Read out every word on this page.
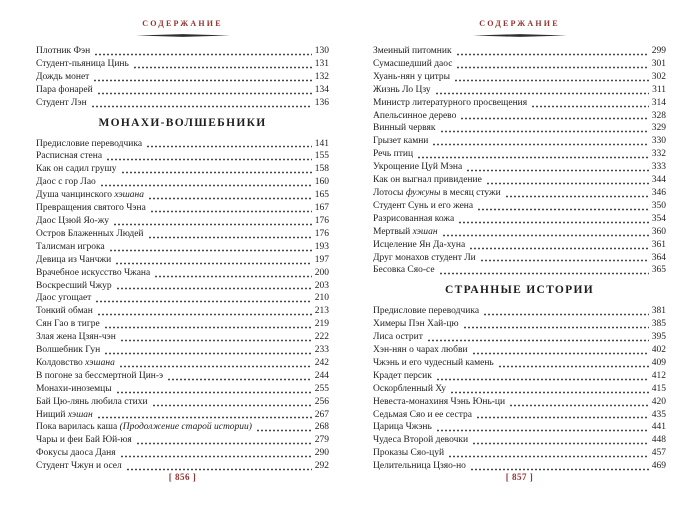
СОДЕРЖАНИЕ
Плотник Фэн	130
Студент-пьяница Цинь	131
Дождь монет	132
Пара фонарей	134
Студент Лэн	136
МОНАХИ-ВОЛШЕБНИКИ
Предисловие переводчика	141
Расписная стена	155
Как он садил грушу	158
Даос с гор Лао	160
Душа чанцинского хэшана	165
Превращения святого Чэна	167
Даос Цзюй Яо-жу	176
Остров Блаженных Людей	176
Талисман игрока	193
Девица из Чанчжи	197
Врачебное искусство Чжана	200
Воскресший Чжур	203
Даос угощает	210
Тонкий обман	213
Сян Гао в тигре	219
Злая жена Цзян-чэн	222
Волшебник Гун	233
Колдовство хэшана	242
В погоне за бессмертной Цин-э	244
Монахи-иноземцы	255
Бай Цю-лянь любила стихи	256
Нищий хэшан	267
Пока варилась каша (Продолжение старой истории)	268
Чары и феи Бай Юй-юя	279
Фокусы даоса Даня	290
Студент Чжун и осел	292
[ 856 ]
СОДЕРЖАНИЕ
Змеиный питомник	299
Сумасшедший даос	301
Хуань-нян у цитры	302
Жизнь Ло Цзу	311
Министр литературного просвещения	314
Апельсинное дерево	328
Винный червяк	329
Грызет камни	330
Речь птиц	332
Укрощение Цуй Мэна	333
Как он выгнал привидение	344
Лотосы фужуны в месяц стужи	346
Студент Сунь и его жена	350
Разрисованная кожа	354
Мертвый хэшан	360
Исцеление Ян Да-хуна	361
Друг монахов студент Ли	364
Бесовка Сяо-се	365
СТРАННЫЕ ИСТОРИИ
Предисловие переводчика	381
Химеры Пэн Хай-цю	385
Лиса острит	395
Хэн-нян о чарах любви	402
Чжэнь и его чудесный камень	409
Крадет персик	412
Оскорбленный Ху	415
Невеста-монахиня Чэнь Юнь-ци	420
Седьмая Сяо и ее сестра	435
Царица Чжэнь	441
Чудеса Второй девочки	448
Проказы Сяо-цуй	457
Целительница Цзяо-но	469
[ 857 ]
